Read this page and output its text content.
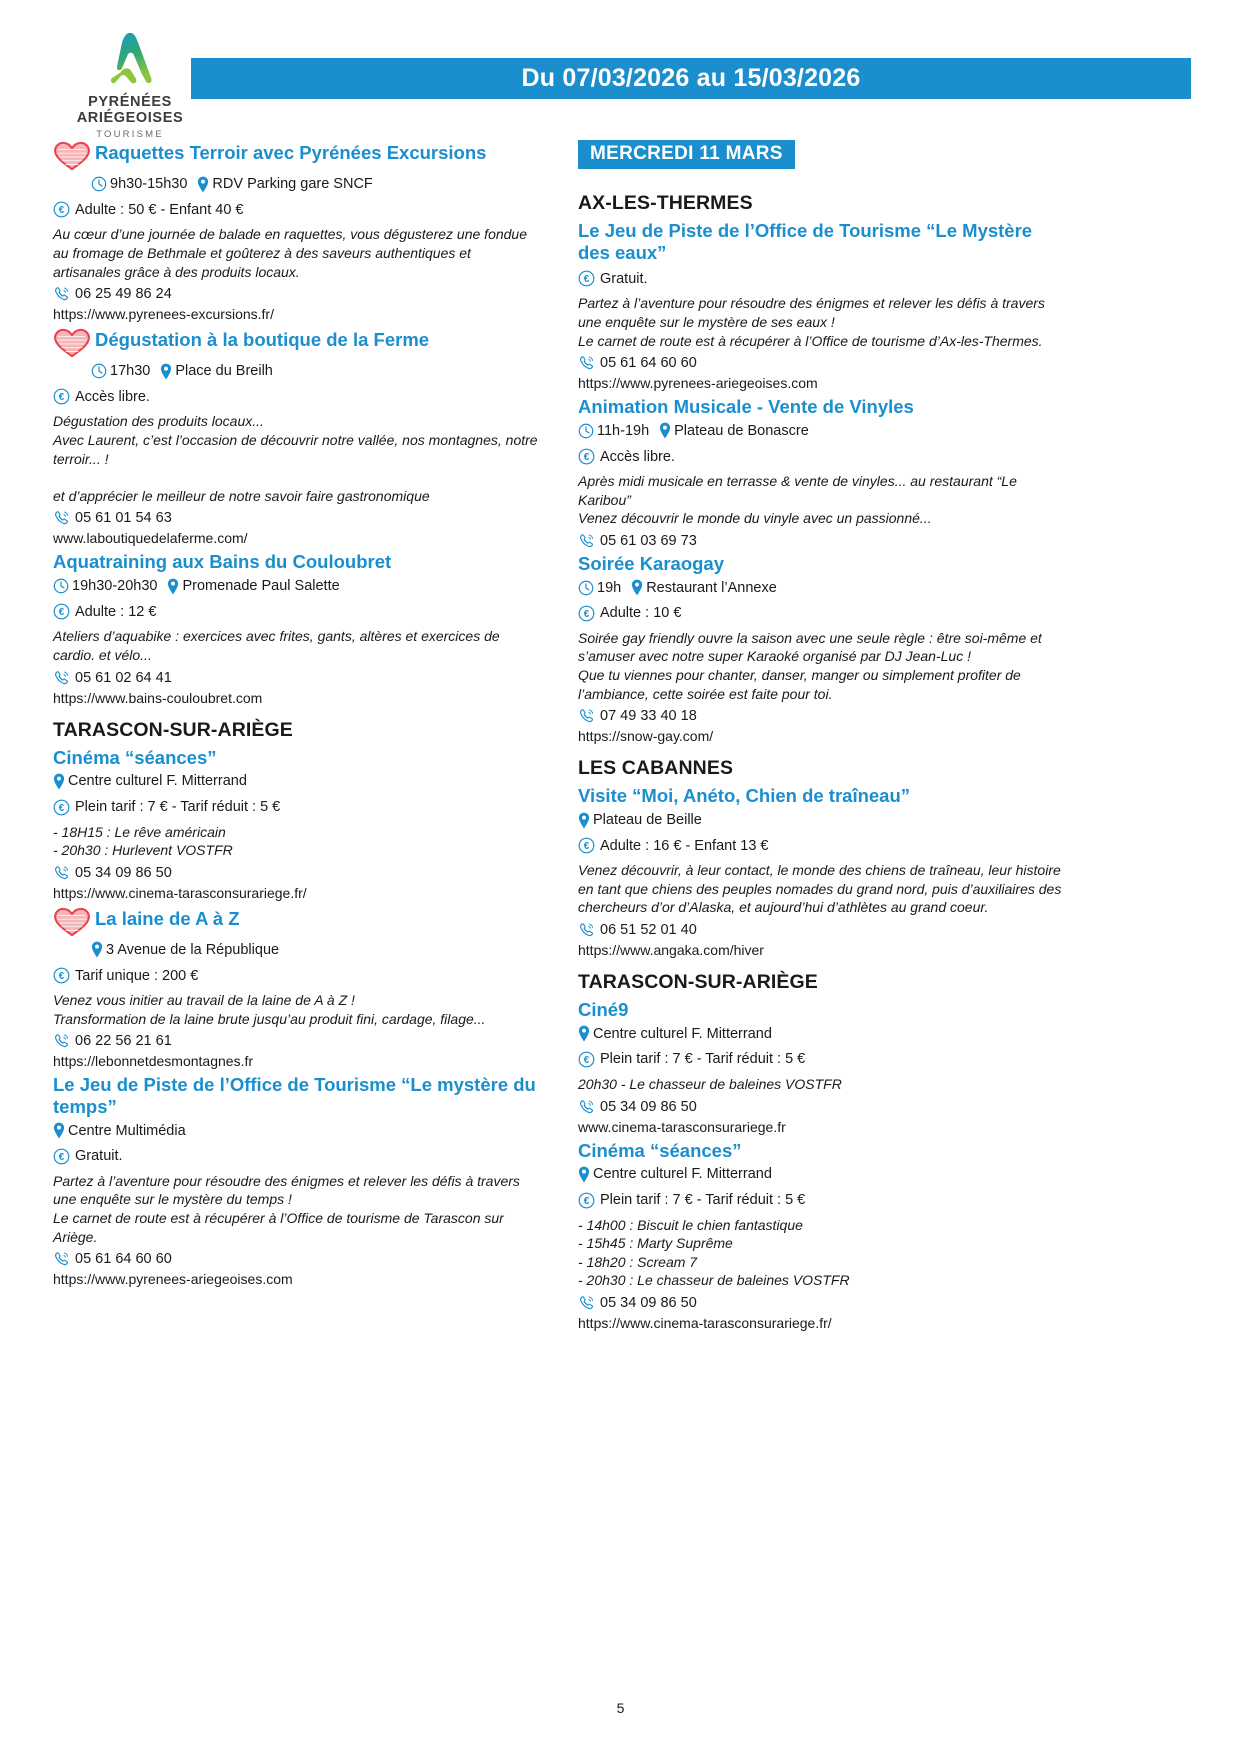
PYRÉNÉES
ARIÉGEOISES
TOURISME
Du 07/03/2026 au 15/03/2026
Raquettes Terroir avec Pyrénées Excursions
9h30-15h30 RDV Parking gare SNCF
€ Adulte : 50 € - Enfant 40 €
Au cœur d’une journée de balade en raquettes, vous dégusterez une fondue au fromage de Bethmale et goûterez à des saveurs authentiques et artisanales grâce à des produits locaux.
06 25 49 86 24
https://www.pyrenees-excursions.fr/
Dégustation à la boutique de la Ferme
17h30 Place du Breilh
€ Accès libre.
Dégustation des produits locaux...
Avec Laurent, c’est l’occasion de découvrir notre vallée, nos montagnes, notre terroir... !

et d’apprécier le meilleur de notre savoir faire gastronomique
05 61 01 54 63
www.laboutiquedelaferme.com/
Aquatraining aux Bains du Couloubret
19h30-20h30 Promenade Paul Salette
€ Adulte : 12 €
Ateliers d’aquabike : exercices avec frites, gants, altères et exercices de cardio. et vélo...
05 61 02 64 41
https://www.bains-couloubret.com
TARASCON-SUR-ARIÈGE
Cinéma “séances”
Centre culturel F. Mitterrand
€ Plein tarif : 7 € - Tarif réduit : 5 €
- 18H15 : Le rêve américain
- 20h30 : Hurlevent VOSTFR
05 34 09 86 50
https://www.cinema-tarasconsurariege.fr/
La laine de A à Z
3 Avenue de la République
€ Tarif unique : 200 €
Venez vous initier au travail de la laine de A à Z !
Transformation de la laine brute jusqu’au produit fini, cardage, filage...
06 22 56 21 61
https://lebonnetdesmontagnes.fr
Le Jeu de Piste de l’Office de Tourisme “Le mystère du temps”
Centre Multimédia
€ Gratuit.
Partez à l’aventure pour résoudre des énigmes et relever les défis à travers une enquête sur le mystère du temps !
Le carnet de route est à récupérer à l’Office de tourisme de Tarascon sur Ariège.
05 61 64 60 60
https://www.pyrenees-ariegeoises.com
MERCREDI 11 MARS
AX-LES-THERMES
Le Jeu de Piste de l’Office de Tourisme “Le Mystère des eaux”
€ Gratuit.
Partez à l’aventure pour résoudre des énigmes et relever les défis à travers une enquête sur le mystère de ses eaux !
Le carnet de route est à récupérer à l’Office de tourisme d’Ax-les-Thermes.
05 61 64 60 60
https://www.pyrenees-ariegeoises.com
Animation Musicale - Vente de Vinyles
11h-19h Plateau de Bonascre
€ Accès libre.
Après midi musicale en terrasse & vente de vinyles... au restaurant “Le Karibou”
Venez découvrir le monde du vinyle avec un passionné...
05 61 03 69 73
Soirée Karaogay
19h Restaurant l’Annexe
€ Adulte : 10 €
Soirée gay friendly ouvre la saison avec une seule règle : être soi-même et s’amuser avec notre super Karaoké organisé par DJ Jean-Luc !
Que tu viennes pour chanter, danser, manger ou simplement profiter de l’ambiance, cette soirée est faite pour toi.
07 49 33 40 18
https://snow-gay.com/
LES CABANNES
Visite “Moi, Anéto, Chien de traîneau”
Plateau de Beille
€ Adulte : 16 € - Enfant 13 €
Venez découvrir, à leur contact, le monde des chiens de traîneau, leur histoire en tant que chiens des peuples nomades du grand nord, puis d’auxiliaires des chercheurs d’or d’Alaska, et aujourd’hui d’athlètes au grand coeur.
06 51 52 01 40
https://www.angaka.com/hiver
TARASCON-SUR-ARIÈGE
Ciné9
Centre culturel F. Mitterrand
€ Plein tarif : 7 € - Tarif réduit : 5 €
20h30 - Le chasseur de baleines VOSTFR
05 34 09 86 50
www.cinema-tarasconsurariege.fr
Cinéma “séances”
Centre culturel F. Mitterrand
€ Plein tarif : 7 € - Tarif réduit : 5 €
- 14h00 : Biscuit le chien fantastique
- 15h45 : Marty Suprême
- 18h20 : Scream 7
- 20h30 : Le chasseur de baleines VOSTFR
05 34 09 86 50
https://www.cinema-tarasconsurariege.fr/
5
